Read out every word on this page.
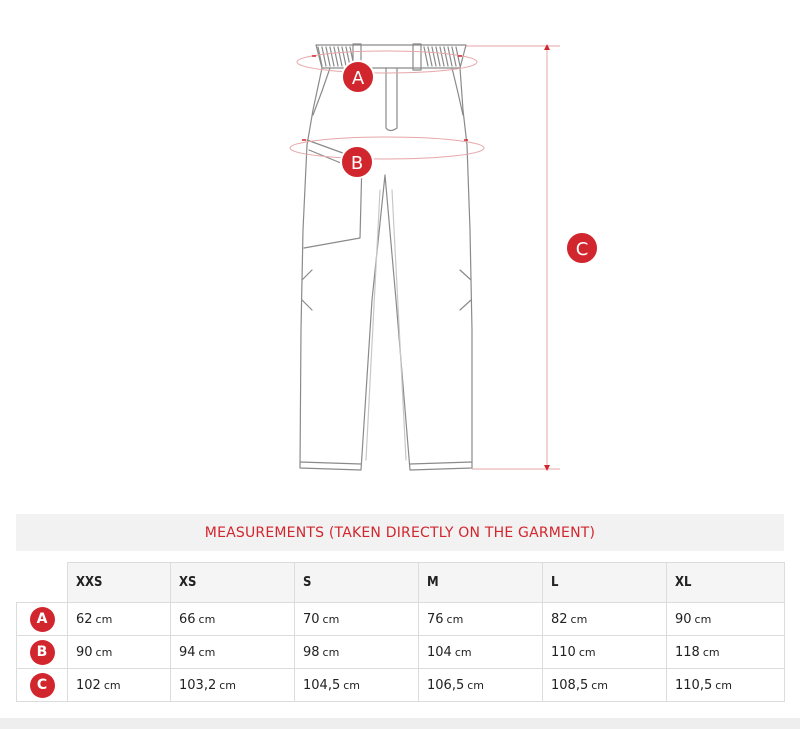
A
B
C
MEASUREMENTS (TAKEN DIRECTLY ON THE GARMENT)
	XXS	XS	S	M	L	XL
A	62 cm	66 cm	70 cm	76 cm	82 cm	90 cm
B	90 cm	94 cm	98 cm	104 cm	110 cm	118 cm
C	102 cm	103,2 cm	104,5 cm	106,5 cm	108,5 cm	110,5 cm
